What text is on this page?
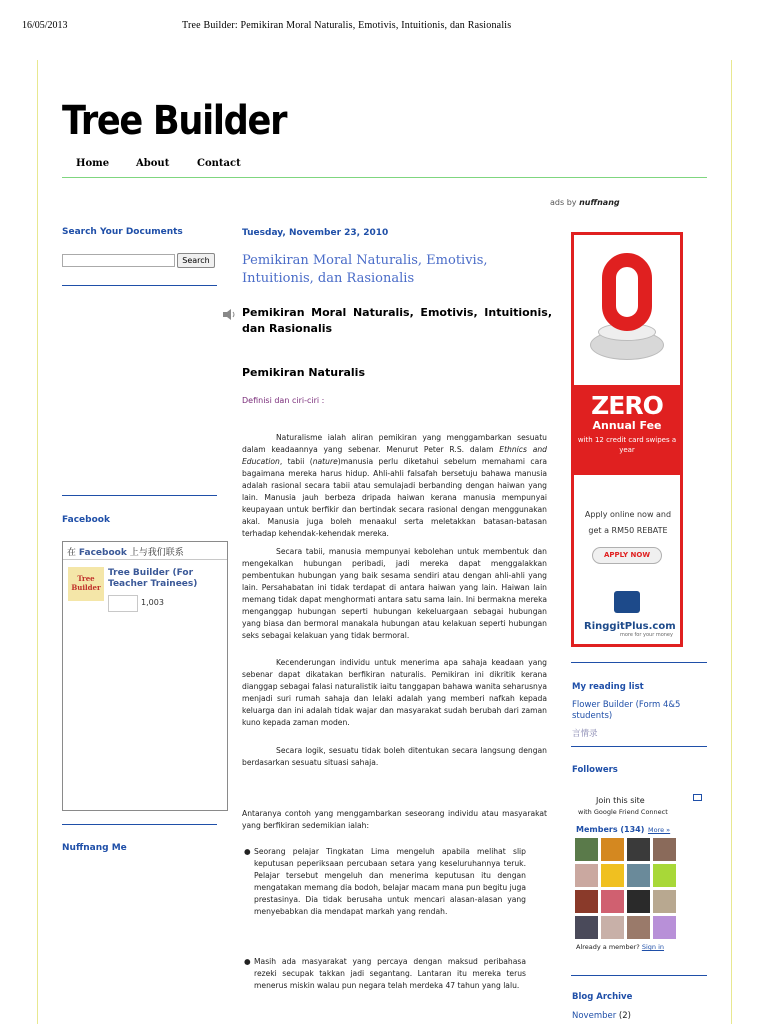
16/05/2013	Tree Builder: Pemikiran Moral Naturalis, Emotivis, Intuitionis, dan Rasionalis
Tree Builder
Home	About	Contact
ads by nuffnang
Search Your Documents
Search
Facebook
在 Facebook 上与我们联系
Tree Builder
Tree Builder (For Teacher Trainees)
1,003
Nuffnang Me
Tuesday, November 23, 2010
Pemikiran Moral Naturalis, Emotivis, Intuitionis, dan Rasionalis
Pemikiran Moral Naturalis, Emotivis, Intuitionis, dan Rasionalis
Pemikiran Naturalis
Definisi dan ciri-ciri :
Naturalisme ialah aliran pemikiran yang menggambarkan sesuatu dalam keadaannya yang sebenar. Menurut Peter R.S. dalam Ethnics and Education, tabii (nature)manusia perlu diketahui sebelum memahami cara bagaimana mereka harus hidup. Ahli-ahli falsafah bersetuju bahawa manusia adalah rasional secara tabii atau semulajadi berbanding dengan haiwan yang lain. Manusia jauh berbeza dripada haiwan kerana manusia mempunyai keupayaan untuk berfikir dan bertindak secara rasional dengan menggunakan akal. Manusia juga boleh menaakul serta meletakkan batasan-batasan terhadap kehendak-kehendak mereka.
Secara tabii, manusia mempunyai kebolehan untuk membentuk dan mengekalkan hubungan peribadi, jadi mereka dapat menggalakkan pembentukan hubungan yang baik sesama sendiri atau dengan ahli-ahli yang lain. Persahabatan ini tidak terdapat di antara haiwan yang lain. Haiwan lain memang tidak dapat menghormati antara satu sama lain. Ini bermakna mereka menganggap hubungan seperti hubungan kekeluargaan sebagai hubungan yang biasa dan bermoral manakala hubungan atau kelakuan seperti hubungan seks sebagai kelakuan yang tidak bermoral.
Kecenderungan individu untuk menerima apa sahaja keadaan yang sebenar dapat dikatakan berfikiran naturalis. Pemikiran ini dikritik kerana dianggap sebagai falasi naturalistik iaitu tanggapan bahawa wanita seharusnya menjadi suri rumah sahaja dan lelaki adalah yang memberi nafkah kepada keluarga dan ini adalah tidak wajar dan masyarakat sudah berubah dari zaman kuno kepada zaman moden.
Secara logik, sesuatu tidak boleh ditentukan secara langsung dengan berdasarkan sesuatu situasi sahaja.
Antaranya contoh yang menggambarkan seseorang individu atau masyarakat yang berfikiran sedemikian ialah:
● Seorang pelajar Tingkatan Lima mengeluh apabila melihat slip keputusan peperiksaan percubaan setara yang keseluruhannya teruk. Pelajar tersebut mengeluh dan menerima keputusan itu dengan mengatakan memang dia bodoh, belajar macam mana pun begitu juga prestasinya. Dia tidak berusaha untuk mencari alasan-alasan yang menyebabkan dia mendapat markah yang rendah.
● Masih ada masyarakat yang percaya dengan maksud peribahasa rezeki secupak takkan jadi segantang. Lantaran itu mereka terus menerus miskin walau pun negara telah merdeka 47 tahun yang lalu.
ZERO
Annual Fee
with 12 credit card swipes a year
Apply online now and get a RM50 REBATE
APPLY NOW
RinggitPlus.com
more for your money
My reading list
Flower Builder (Form 4&5 students)
言情录
Followers
Join this site
with Google Friend Connect
Members (134) More »
Already a member? Sign in
Blog Archive
November (2)
